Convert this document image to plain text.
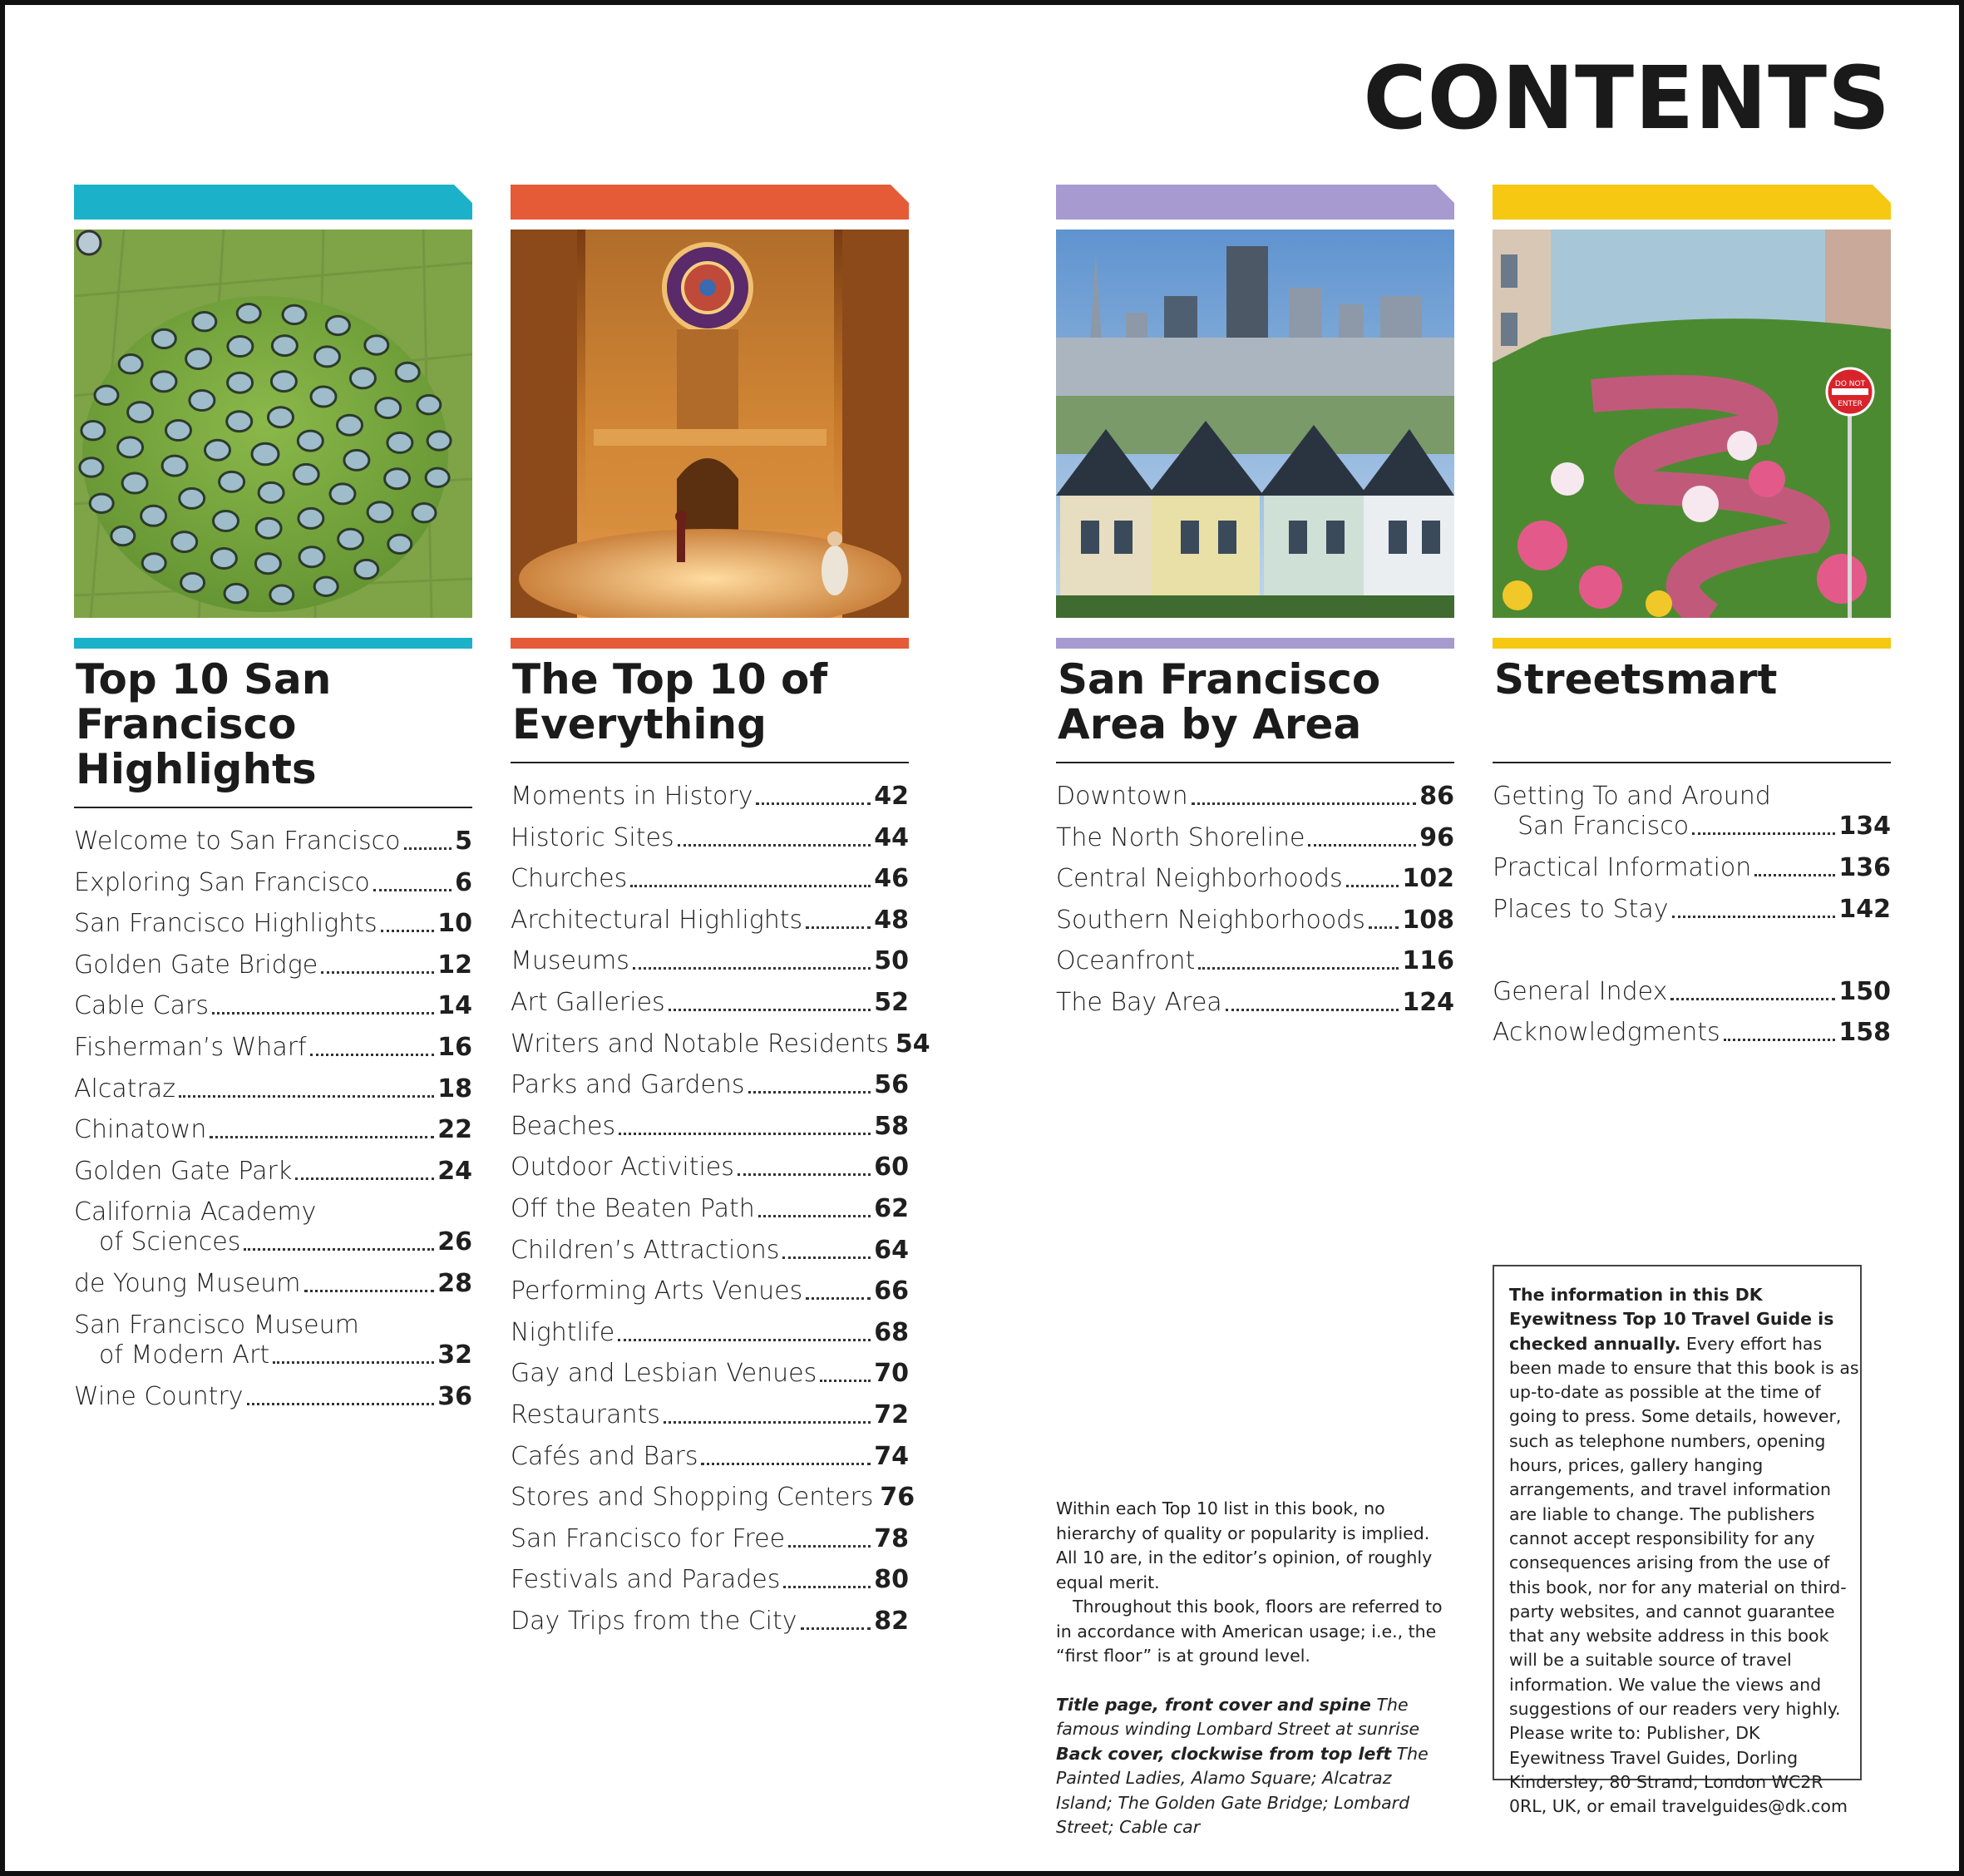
CONTENTS
Top 10 San
Francisco
Highlights
Welcome to San Francisco 5
Exploring San Francisco	6
San Francisco Highlights 10
Golden Gate Bridge	12
Cable Cars	14
Fisherman’s Wharf	16
Alcatraz	18
Chinatown	22
Golden Gate Park	24
California Academy
of Sciences	26
de Young Museum	28
San Francisco Museum
of Modern Art	32
Wine Country	36
The Top 10 of
Everything
Moments in History	42
Historic Sites	44
Churches	46
Architectural Highlights	48
Museums	50
Art Galleries	52
Writers and Notable Residents 54
Parks and Gardens	56
Beaches	58
Outdoor Activities	60
Off the Beaten Path	62
Children’s Attractions	64
Performing Arts Venues	66
Nightlife	68
Gay and Lesbian Venues 70
Restaurants	72
Cafés and Bars	74
Stores and Shopping Centers 76
San Francisco for Free	78
Festivals and Parades	80
Day Trips from the City	82
San Francisco
Area by Area
Downtown	86
The North Shoreline	96
Central Neighborhoods 102
Southern Neighborhoods 108
Oceanfront	116
The Bay Area	124
DO NOT
ENTER
Streetsmart
Getting To and Around
San Francisco	134
Practical Information	136
Places to Stay	142
General Index	150
Acknowledgments	158

Within each Top 10 list in this book, no hierarchy of quality or popularity is implied. All 10 are, in the editor’s opinion, of roughly equal merit.

Throughout this book, floors are referred to in accordance with American usage; i.e., the “first floor” is at ground level.

Title page, front cover and spine The famous winding Lombard Street at sunrise
Back cover, clockwise from top left The Painted Ladies, Alamo Square; Alcatraz Island; The Golden Gate Bridge; Lombard Street; Cable car

The information in this DK Eyewitness Top 10 Travel Guide is checked annually. Every effort has been made to ensure that this book is as up-to-date as possible at the time of going to press. Some details, however, such as telephone numbers, opening hours, prices, gallery hanging arrangements, and travel information are liable to change. The publishers cannot accept responsibility for any consequences arising from the use of this book, nor for any material on third-party websites, and cannot guarantee that any website address in this book will be a suitable source of travel information. We value the views and suggestions of our readers very highly. Please write to: Publisher, DK Eyewitness Travel Guides, Dorling Kindersley, 80 Strand, London WC2R 0RL, UK, or email travelguides@dk.com
